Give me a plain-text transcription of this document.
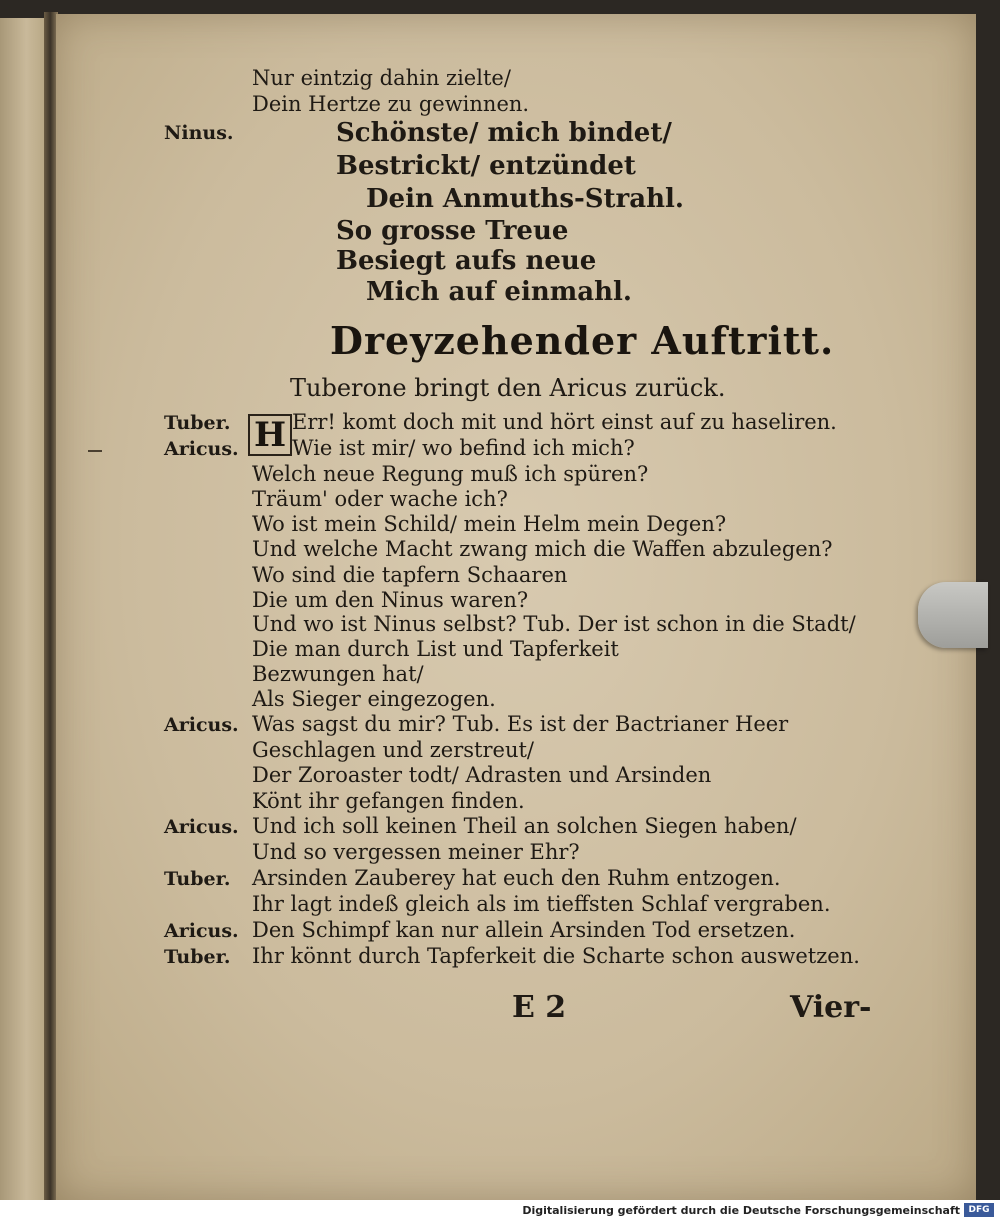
Nur eintzig dahin zielte/
Dein Hertze zu gewinnen.
Ninus.	Schönste/ mich bindet/
Bestrickt/ entzündet
Dein Anmuths-Strahl.
So grosse Treue
Besiegt aufs neue
Mich auf einmahl.
Dreyzehender Auftritt.
Tuberone bringt den Aricus zurück.
H
Tuber.	Err! komt doch mit und hört einst auf zu haseliren.
Aricus.	Wie ist mir/ wo befind ich mich?
Welch neue Regung muß ich spüren?
Träum' oder wache ich?
Wo ist mein Schild/ mein Helm mein Degen?
Und welche Macht zwang mich die Waffen abzulegen?
Wo sind die tapfern Schaaren
Die um den Ninus waren?
Und wo ist Ninus selbst? Tub. Der ist schon in die Stadt/
Die man durch List und Tapferkeit
Bezwungen hat/
Als Sieger eingezogen.
Aricus. Was sagst du mir? Tub. Es ist der Bactrianer Heer
Geschlagen und zerstreut/
Der Zoroaster todt/ Adrasten und Arsinden
Könt ihr gefangen finden.
Aricus. Und ich soll keinen Theil an solchen Siegen haben/
Und so vergessen meiner Ehr?
Tuber. Arsinden Zauberey hat euch den Ruhm entzogen.
Ihr lagt indeß gleich als im tieffsten Schlaf vergraben.
Aricus. Den Schimpf kan nur allein Arsinden Tod ersetzen.
Tuber. Ihr könnt durch Tapferkeit die Scharte schon auswetzen.
E 2	Vier-
Digitalisierung gefördert durch die Deutsche Forschungsgemeinschaft DFG
